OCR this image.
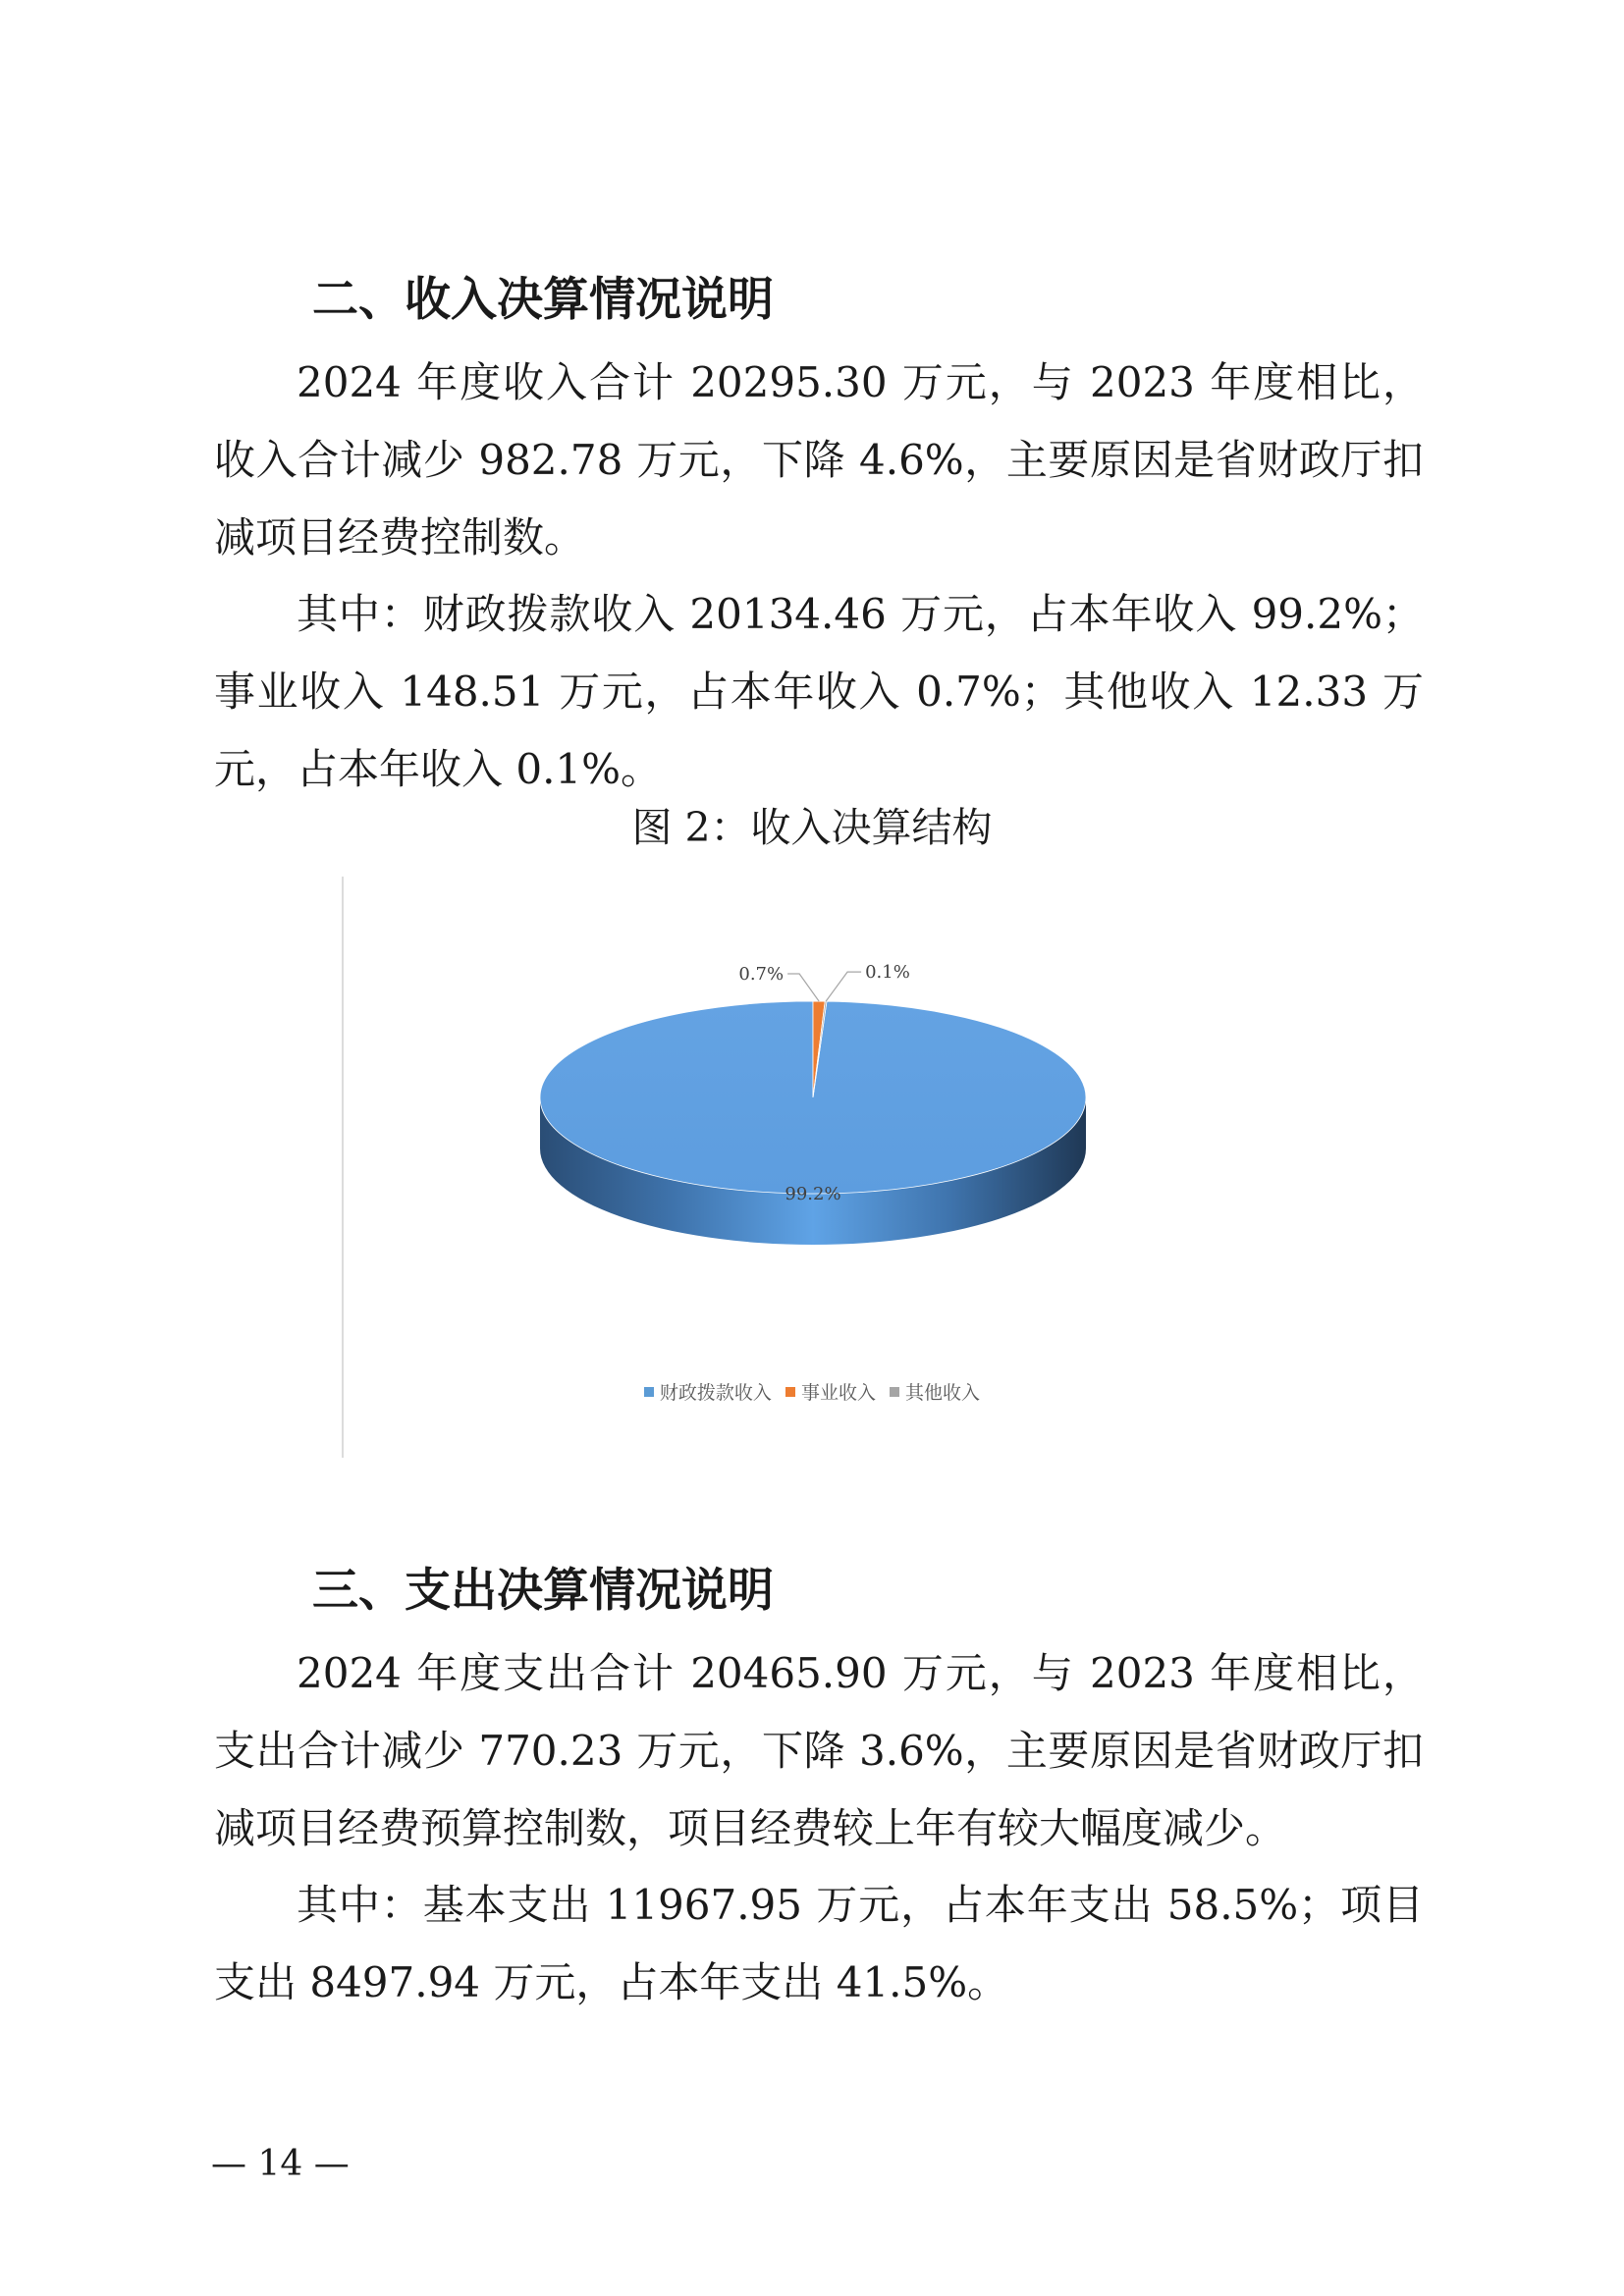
二、收入决算情况说明

2024 年度收入合计 20295.30 万元，与 2023 年度相比，收入合计减少 982.78 万元，下降 4.6%，主要原因是省财政厅扣减项目经费控制数。

其中：财政拨款收入 20134.46 万元，占本年收入 99.2%；事业收入 148.51 万元，占本年收入 0.7%；其他收入 12.33 万元，占本年收入 0.1%。

图 2：收入决算结构

99.2%
0.7%	0.1%
财政拨款收入
事业收入
其他收入
三、支出决算情况说明

2024 年度支出合计 20465.90 万元，与 2023 年度相比，支出合计减少 770.23 万元，下降 3.6%，主要原因是省财政厅扣减项目经费预算控制数，项目经费较上年有较大幅度减少。

其中：基本支出 11967.95 万元，占本年支出 58.5%；项目支出 8497.94 万元，占本年支出 41.5%。

— 14 —
